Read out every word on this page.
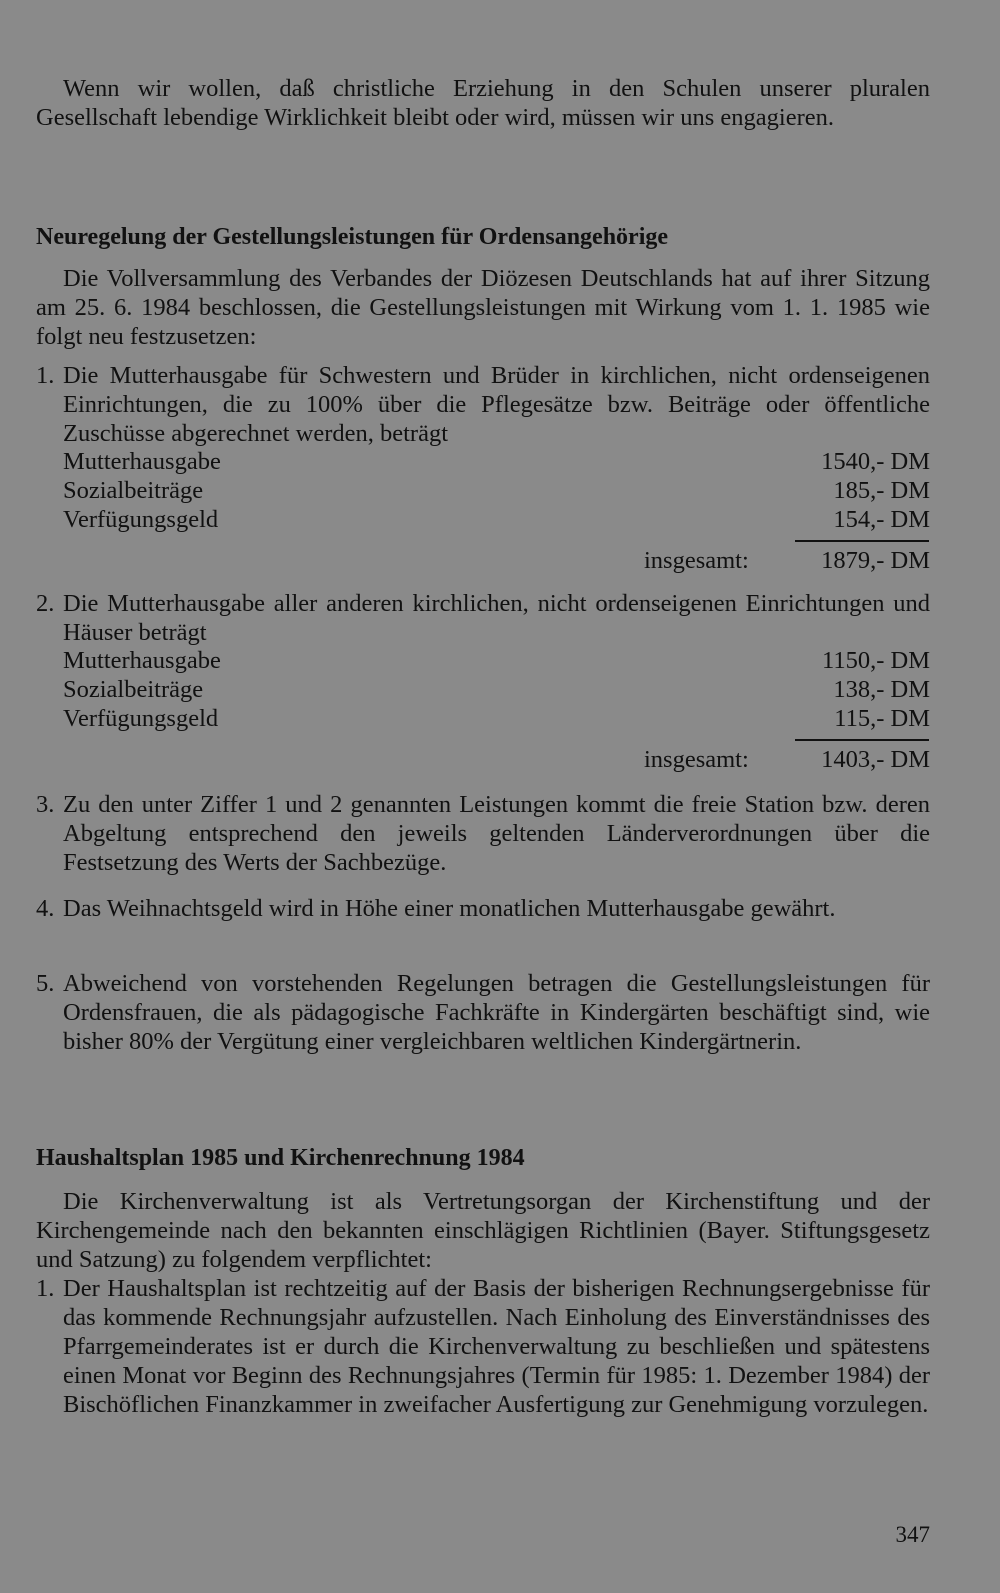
Wenn wir wollen, daß christliche Erziehung in den Schulen unserer pluralen Gesellschaft lebendige Wirklichkeit bleibt oder wird, müssen wir uns engagieren.

Neuregelung der Gestellungsleistungen für Ordensangehörige

Die Vollversammlung des Verbandes der Diözesen Deutschlands hat auf ihrer Sitzung am 25. 6. 1984 beschlossen, die Gestellungsleistungen mit Wirkung vom 1. 1. 1985 wie folgt neu festzusetzen:

1. Die Mutterhausgabe für Schwestern und Brüder in kirchlichen, nicht ordenseigenen Einrichtungen, die zu 100% über die Pflegesätze bzw. Beiträge oder öffentliche Zuschüsse abgerechnet werden, beträgt
Mutterhausgabe	1540,- DM
Sozialbeiträge	185,- DM
Verfügungsgeld	154,- DM
insgesamt:	1879,- DM
2. Die Mutterhausgabe aller anderen kirchlichen, nicht ordenseigenen Einrichtungen und Häuser beträgt
Mutterhausgabe	1150,- DM
Sozialbeiträge	138,- DM
Verfügungsgeld	115,- DM
insgesamt:	1403,- DM
3. Zu den unter Ziffer 1 und 2 genannten Leistungen kommt die freie Station bzw. deren Abgeltung entsprechend den jeweils geltenden Länderverordnungen über die Festsetzung des Werts der Sachbezüge.
4. Das Weihnachtsgeld wird in Höhe einer monatlichen Mutterhausgabe gewährt.
5. Abweichend von vorstehenden Regelungen betragen die Gestellungsleistungen für Ordensfrauen, die als pädagogische Fachkräfte in Kindergärten beschäftigt sind, wie bisher 80% der Vergütung einer vergleichbaren weltlichen Kindergärtnerin.
Haushaltsplan 1985 und Kirchenrechnung 1984

Die Kirchenverwaltung ist als Vertretungsorgan der Kirchenstiftung und der Kirchengemeinde nach den bekannten einschlägigen Richtlinien (Bayer. Stiftungsgesetz und Satzung) zu folgendem verpflichtet:

1. Der Haushaltsplan ist rechtzeitig auf der Basis der bisherigen Rechnungsergebnisse für das kommende Rechnungsjahr aufzustellen. Nach Einholung des Einverständnisses des Pfarrgemeinderates ist er durch die Kirchenverwaltung zu beschließen und spätestens einen Monat vor Beginn des Rechnungsjahres (Termin für 1985: 1. Dezember 1984) der Bischöflichen Finanzkammer in zweifacher Ausfertigung zur Genehmigung vorzulegen.
347
